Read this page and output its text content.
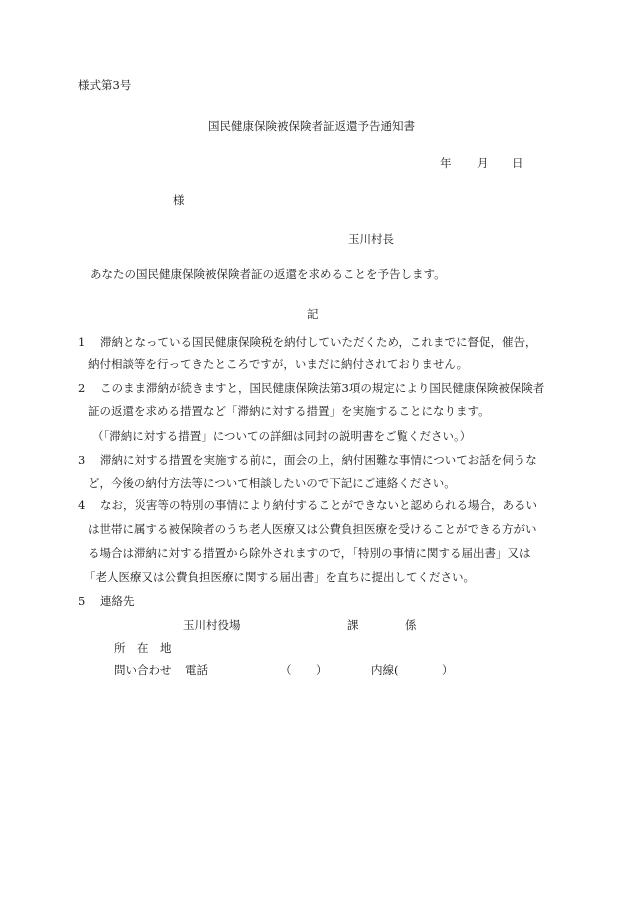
様式第3号
国民健康保険被保険者証返還予告通知書
年 月 日
様
玉川村長
あなたの国民健康保険被保険者証の返還を求めることを予告します。
記
1 滞納となっている国民健康保険税を納付していただくため，これまでに督促，催告，
納付相談等を行ってきたところですが，いまだに納付されておりません。
2 このまま滞納が続きますと，国民健康保険法第3項の規定により国民健康保険被保険者
証の返還を求める措置など「滞納に対する措置」を実施することになります。
（「滞納に対する措置」についての詳細は同封の説明書をご覧ください。）
3 滞納に対する措置を実施する前に，面会の上，納付困難な事情についてお話を伺うな
ど，今後の納付方法等について相談したいので下記にご連絡ください。
4 なお，災害等の特別の事情により納付することができないと認められる場合，あるい
は世帯に属する被保険者のうち老人医療又は公費負担医療を受けることができる方がい
る場合は滞納に対する措置から除外されますので，「特別の事情に関する届出書」又は
「老人医療又は公費負担医療に関する届出書」を直ちに提出してください。
5 連絡先
玉川村役場	課	係
所　在　地
問い合わせ 電話	（ ）	内線(	）
